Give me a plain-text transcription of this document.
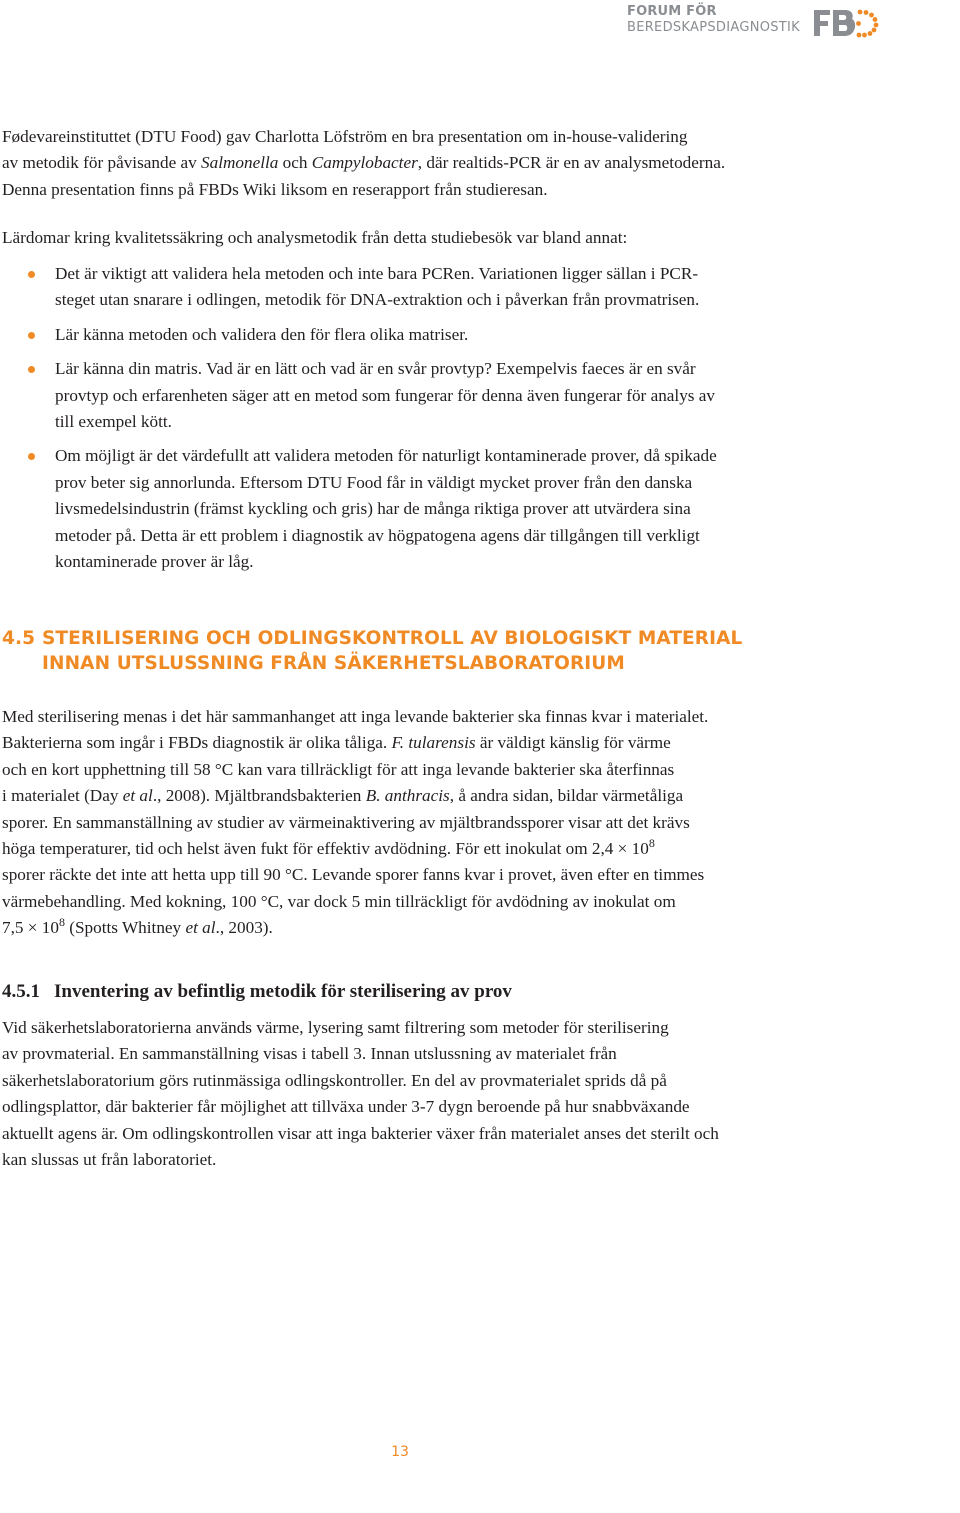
FORUM FÖR
BEREDSKAPSDIAGNOSTIK

Fødevareinstituttet (DTU Food) gav Charlotta Löfström en bra presentation om in-house-validering
av metodik för påvisande av Salmonella och Campylobacter, där realtids-PCR är en av analysmetoderna.
Denna presentation finns på FBDs Wiki liksom en reserapport från studieresan.

Lärdomar kring kvalitetssäkring och analysmetodik från detta studiebesök var bland annat:

Det är viktigt att validera hela metoden och inte bara PCRen. Variationen ligger sällan i PCR-
steget utan snarare i odlingen, metodik för DNA-extraktion och i påverkan från provmatrisen.
Lär känna metoden och validera den för flera olika matriser.
Lär känna din matris. Vad är en lätt och vad är en svår provtyp? Exempelvis faeces är en svår
provtyp och erfarenheten säger att en metod som fungerar för denna även fungerar för analys av
till exempel kött.
Om möjligt är det värdefullt att validera metoden för naturligt kontaminerade prover, då spikade
prov beter sig annorlunda. Eftersom DTU Food får in väldigt mycket prover från den danska
livsmedelsindustrin (främst kyckling och gris) har de många riktiga prover att utvärdera sina
metoder på. Detta är ett problem i diagnostik av högpatogena agens där tillgången till verkligt
kontaminerade prover är låg.
4.5 STERILISERING OCH ODLINGSKONTROLL AV BIOLOGISKT MATERIAL
INNAN UTSLUSSNING FRÅN SÄKERHETSLABORATORIUM

Med sterilisering menas i det här sammanhanget att inga levande bakterier ska finnas kvar i materialet.
Bakterierna som ingår i FBDs diagnostik är olika tåliga. F. tularensis är väldigt känslig för värme
och en kort upphettning till 58 °C kan vara tillräckligt för att inga levande bakterier ska återfinnas
i materialet (Day et al., 2008). Mjältbrandsbakterien B. anthracis, å andra sidan, bildar värmetåliga
sporer. En sammanställning av studier av värmeinaktivering av mjältbrandssporer visar att det krävs
höga temperaturer, tid och helst även fukt för effektiv avdödning. För ett inokulat om $2,4 \times 10^8$
sporer räckte det inte att hetta upp till 90 °C. Levande sporer fanns kvar i provet, även efter en timmes
värmebehandling. Med kokning, 100 °C, var dock 5 min tillräckligt för avdödning av inokulat om
$7,5 \times 10^8$ (Spotts Whitney et al., 2003).

4.5.1 Inventering av befintlig metodik för sterilisering av prov

Vid säkerhetslaboratorierna används värme, lysering samt filtrering som metoder för sterilisering
av provmaterial. En sammanställning visas i tabell 3. Innan utslussning av materialet från
säkerhetslaboratorium görs rutinmässiga odlingskontroller. En del av provmaterialet sprids då på
odlingsplattor, där bakterier får möjlighet att tillväxa under 3-7 dygn beroende på hur snabbväxande
aktuellt agens är. Om odlingskontrollen visar att inga bakterier växer från materialet anses det sterilt och
kan slussas ut från laboratoriet.

13
